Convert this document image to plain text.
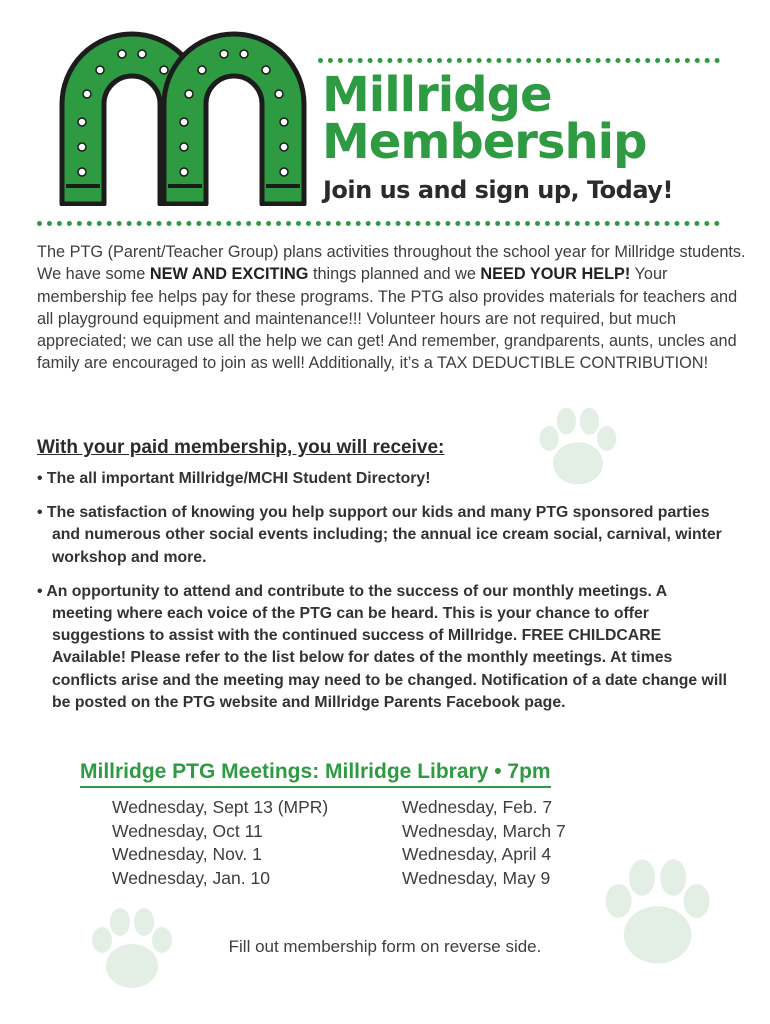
Millridge
Membership

Join us and sign up, Today!

The PTG (Parent/Teacher Group) plans activities throughout the school year for Millridge students. We have some NEW AND EXCITING things planned and we NEED YOUR HELP! Your membership fee helps pay for these programs. The PTG also provides materials for teachers and all playground equipment and maintenance!!! Volunteer hours are not required, but much appreciated; we can use all the help we can get! And remember, grandparents, aunts, uncles and family are encouraged to join as well! Additionally, it’s a TAX DEDUCTIBLE CONTRIBUTION!

With your paid membership, you will receive:
• The all important Millridge/MCHI Student Directory!
• The satisfaction of knowing you help support our kids and many PTG sponsored parties and numerous other social events including; the annual ice cream social, carnival, winter workshop and more.
• An opportunity to attend and contribute to the success of our monthly meetings. A meeting where each voice of the PTG can be heard. This is your chance to offer suggestions to assist with the continued success of Millridge. FREE CHILDCARE Available! Please refer to the list below for dates of the monthly meetings. At times conflicts arise and the meeting may need to be changed. Notification of a date change will be posted on the PTG website and Millridge Parents Facebook page.
Millridge PTG Meetings: Millridge Library • 7pm
Wednesday, Sept 13 (MPR)
Wednesday, Oct 11
Wednesday, Nov. 1
Wednesday, Jan. 10
Wednesday, Feb. 7
Wednesday, March 7
Wednesday, April 4
Wednesday, May 9

Fill out membership form on reverse side.
